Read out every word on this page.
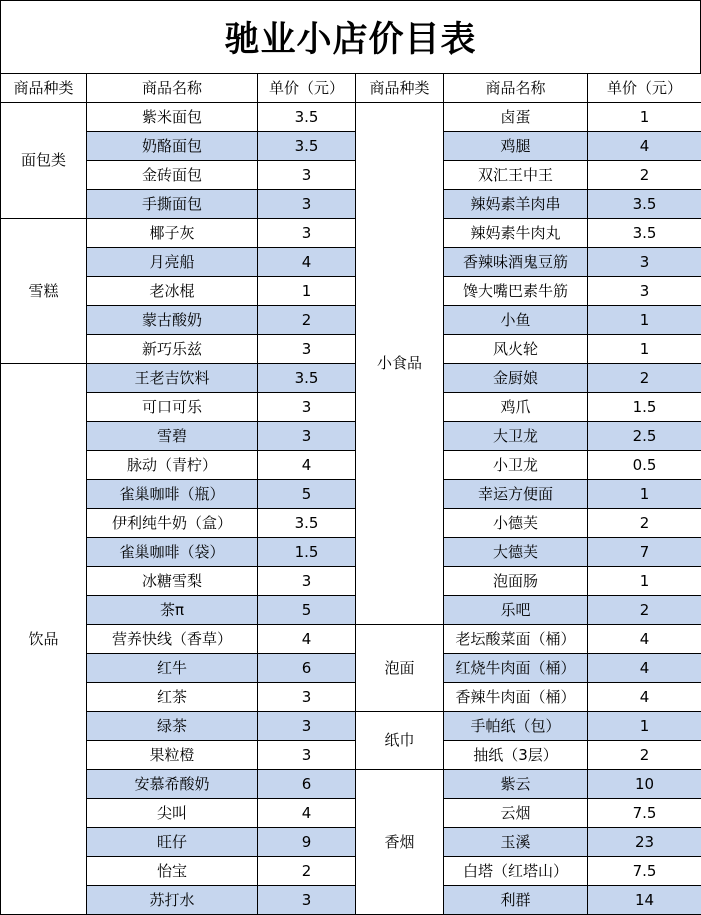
驰业小店价目表
商品种类	商品名称	单价（元）	商品种类	商品名称	单价（元）
面包类	紫米面包	3.5	小食品	卤蛋	1
	奶酪面包	3.5		鸡腿	4
	金砖面包	3		双汇王中王	2
	手撕面包	3		辣妈素羊肉串	3.5
雪糕	椰子灰	3		辣妈素牛肉丸	3.5
	月亮船	4		香辣味酒鬼豆筋	3
	老冰棍	1		馋大嘴巴素牛筋	3
	蒙古酸奶	2		小鱼	1
	新巧乐兹	3		风火轮	1
饮品	王老吉饮料	3.5		金厨娘	2
	可口可乐	3		鸡爪	1.5
	雪碧	3		大卫龙	2.5
	脉动（青柠）	4		小卫龙	0.5
	雀巢咖啡（瓶）	5		幸运方便面	1
	伊利纯牛奶（盒）	3.5		小德芙	2
	雀巢咖啡（袋）	1.5		大德芙	7
	冰糖雪梨	3		泡面肠	1
	茶π	5		乐吧	2
	营养快线（香草）	4	泡面	老坛酸菜面（桶）	4
	红牛	6		红烧牛肉面（桶）	4
	红茶	3		香辣牛肉面（桶）	4
	绿茶	3	纸巾	手帕纸（包）	1
	果粒橙	3		抽纸（3层）	2
	安慕希酸奶	6	香烟	紫云	10
	尖叫	4		云烟	7.5
	旺仔	9		玉溪	23
	怡宝	2		白塔（红塔山）	7.5
	苏打水	3		利群	14
